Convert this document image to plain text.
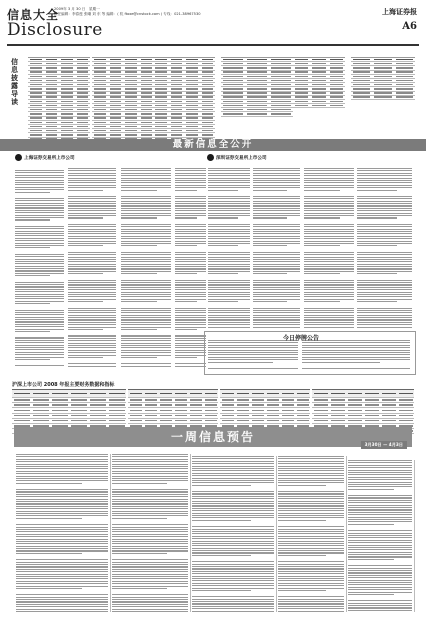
信息大全
Disclosure
2009年 3 月 30 日　星期一
责任编辑：李春莲 张曦 刘 东 等 编辑：( 杭 ftoxe@cnstock.com ) 专线：021-38967530	上海证券报
A6
信息披露导读
最新信息全公开
上海证券交易所上市公司	深圳证券交易所上市公司
今日停牌公告
沪深上市公司 2008 年报主要财务数据和指标
一周信息预告
3月30日 — 4月3日
